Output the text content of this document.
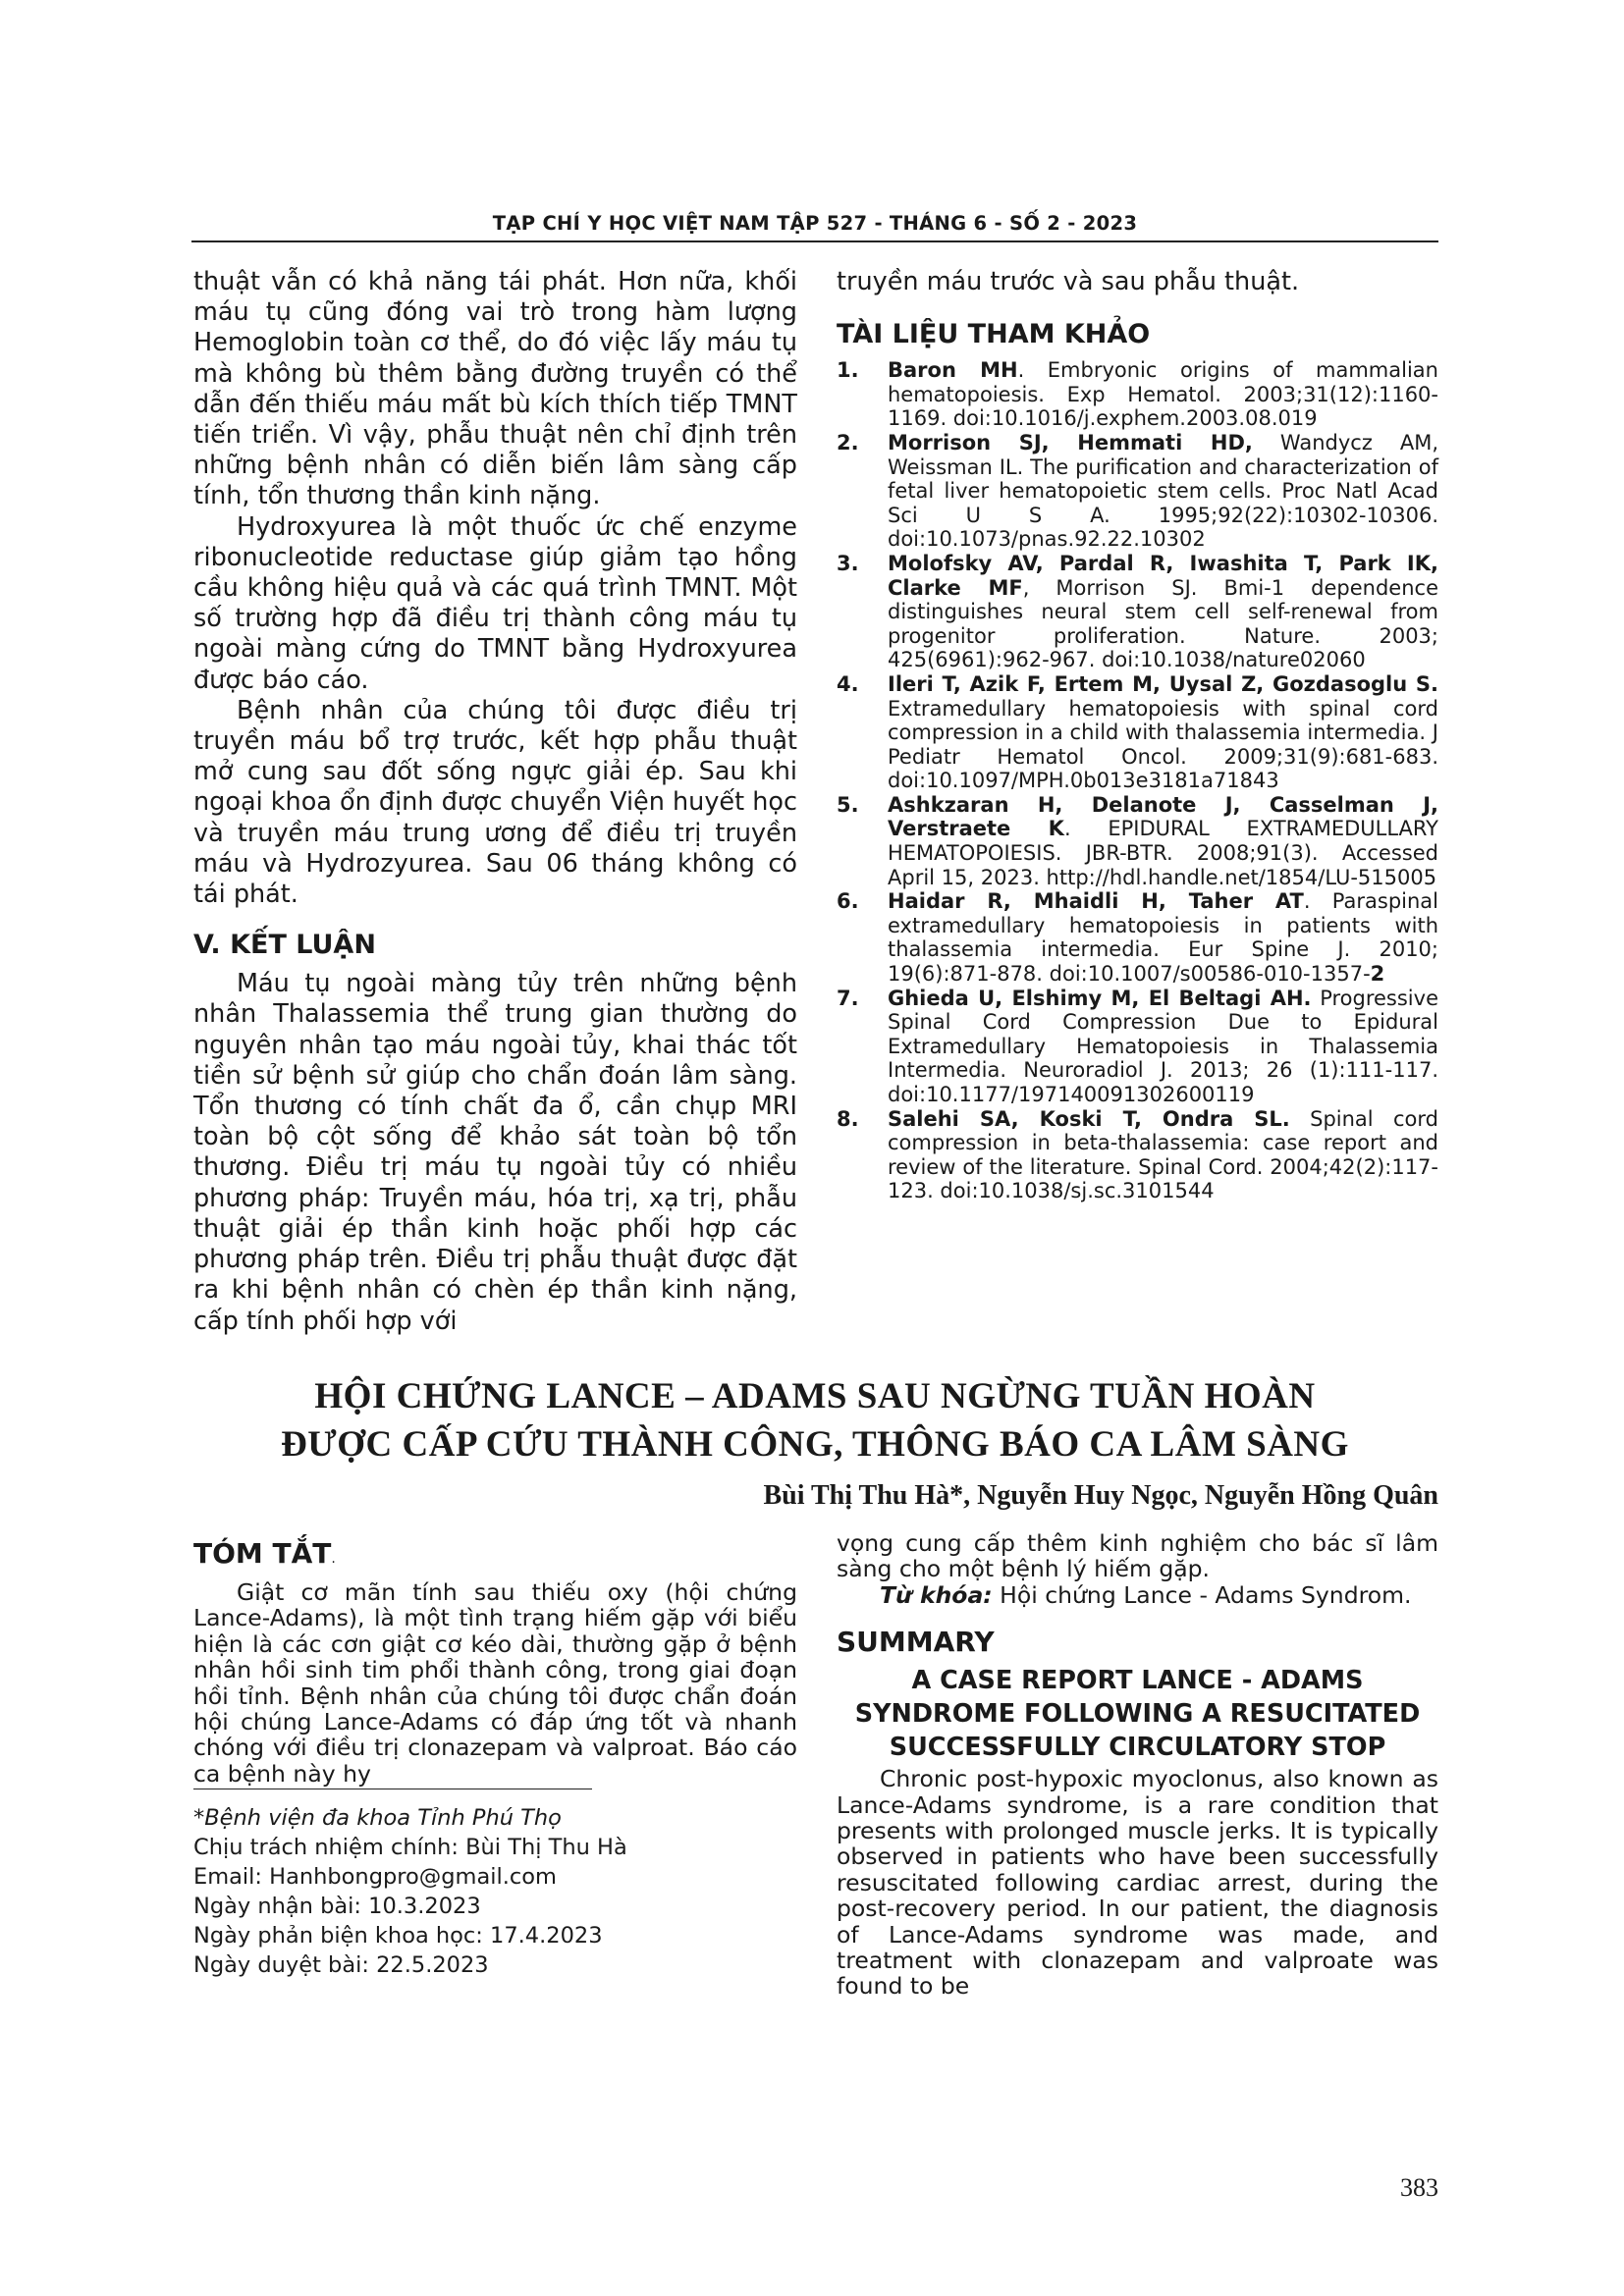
TẠP CHÍ Y HỌC VIỆT NAM TẬP 527 - THÁNG 6 - SỐ 2 - 2023

thuật vẫn có khả năng tái phát. Hơn nữa, khối máu tụ cũng đóng vai trò trong hàm lượng Hemoglobin toàn cơ thể, do đó việc lấy máu tụ mà không bù thêm bằng đường truyền có thể dẫn đến thiếu máu mất bù kích thích tiếp TMNT tiến triển. Vì vậy, phẫu thuật nên chỉ định trên những bệnh nhân có diễn biến lâm sàng cấp tính, tổn thương thần kinh nặng.

Hydroxyurea là một thuốc ức chế enzyme ribonucleotide reductase giúp giảm tạo hồng cầu không hiệu quả và các quá trình TMNT. Một số trường hợp đã điều trị thành công máu tụ ngoài màng cứng do TMNT bằng Hydroxyurea được báo cáo.

Bệnh nhân của chúng tôi được điều trị truyền máu bổ trợ trước, kết hợp phẫu thuật mở cung sau đốt sống ngực giải ép. Sau khi ngoại khoa ổn định được chuyển Viện huyết học và truyền máu trung ương để điều trị truyền máu và Hydrozyurea. Sau 06 tháng không có tái phát.

V. KẾT LUẬN

Máu tụ ngoài màng tủy trên những bệnh nhân Thalassemia thể trung gian thường do nguyên nhân tạo máu ngoài tủy, khai thác tốt tiền sử bệnh sử giúp cho chẩn đoán lâm sàng. Tổn thương có tính chất đa ổ, cần chụp MRI toàn bộ cột sống để khảo sát toàn bộ tổn thương. Điều trị máu tụ ngoài tủy có nhiều phương pháp: Truyền máu, hóa trị, xạ trị, phẫu thuật giải ép thần kinh hoặc phối hợp các phương pháp trên. Điều trị phẫu thuật được đặt ra khi bệnh nhân có chèn ép thần kinh nặng, cấp tính phối hợp với

truyền máu trước và sau phẫu thuật.

TÀI LIỆU THAM KHẢO
1. Baron MH. Embryonic origins of mammalian hematopoiesis. Exp Hematol. 2003;31(12):1160-1169. doi:10.1016/j.exphem.2003.08.019
2. Morrison SJ, Hemmati HD, Wandycz AM, Weissman IL. The purification and characterization of fetal liver hematopoietic stem cells. Proc Natl Acad Sci U S A. 1995;92(22):10302-10306. doi:10.1073/pnas.92.22.10302
3. Molofsky AV, Pardal R, Iwashita T, Park IK, Clarke MF, Morrison SJ. Bmi-1 dependence distinguishes neural stem cell self-renewal from progenitor proliferation. Nature. 2003; 425(6961):962-967. doi:10.1038/nature02060
4. Ileri T, Azik F, Ertem M, Uysal Z, Gozdasoglu S. Extramedullary hematopoiesis with spinal cord compression in a child with thalassemia intermedia. J Pediatr Hematol Oncol. 2009;31(9):681-683. doi:10.1097/MPH.0b013e3181a71843
5. Ashkzaran H, Delanote J, Casselman J, Verstraete K. EPIDURAL EXTRAMEDULLARY HEMATOPOIESIS. JBR-BTR. 2008;91(3). Accessed April 15, 2023. http://hdl.handle.net/1854/LU-515005
6. Haidar R, Mhaidli H, Taher AT. Paraspinal extramedullary hematopoiesis in patients with thalassemia intermedia. Eur Spine J. 2010; 19(6):871-878. doi:10.1007/s00586-010-1357-2
7. Ghieda U, Elshimy M, El Beltagi AH. Progressive Spinal Cord Compression Due to Epidural Extramedullary Hematopoiesis in Thalassemia Intermedia. Neuroradiol J. 2013; 26 (1):111-117. doi:10.1177/197140091302600119
8. Salehi SA, Koski T, Ondra SL. Spinal cord compression in beta-thalassemia: case report and review of the literature. Spinal Cord. 2004;42(2):117-123. doi:10.1038/sj.sc.3101544
HỘI CHỨNG LANCE – ADAMS SAU NGỪNG TUẦN HOÀN
ĐƯỢC CẤP CỨU THÀNH CÔNG, THÔNG BÁO CA LÂM SÀNG
Bùi Thị Thu Hà*, Nguyễn Huy Ngọc, Nguyễn Hồng Quân
TÓM TẮT.

Giật cơ mãn tính sau thiếu oxy (hội chứng Lance-Adams), là một tình trạng hiếm gặp với biểu hiện là các cơn giật cơ kéo dài, thường gặp ở bệnh nhân hồi sinh tim phổi thành công, trong giai đoạn hồi tỉnh. Bệnh nhân của chúng tôi được chẩn đoán hội chúng Lance-Adams có đáp ứng tốt và nhanh chóng với điều trị clonazepam và valproat. Báo cáo ca bệnh này hy

vọng cung cấp thêm kinh nghiệm cho bác sĩ lâm sàng cho một bệnh lý hiếm gặp.

Từ khóa: Hội chứng Lance - Adams Syndrom.

SUMMARY
A CASE REPORT LANCE - ADAMS
SYNDROME FOLLOWING A RESUCITATED
SUCCESSFULLY CIRCULATORY STOP

Chronic post-hypoxic myoclonus, also known as Lance-Adams syndrome, is a rare condition that presents with prolonged muscle jerks. It is typically observed in patients who have been successfully resuscitated following cardiac arrest, during the post-recovery period. In our patient, the diagnosis of Lance-Adams syndrome was made, and treatment with clonazepam and valproate was found to be

*Bệnh viện đa khoa Tỉnh Phú Thọ
Chịu trách nhiệm chính: Bùi Thị Thu Hà
Email: Hanhbongpro@gmail.com
Ngày nhận bài: 10.3.2023
Ngày phản biện khoa học: 17.4.2023
Ngày duyệt bài: 22.5.2023
383
